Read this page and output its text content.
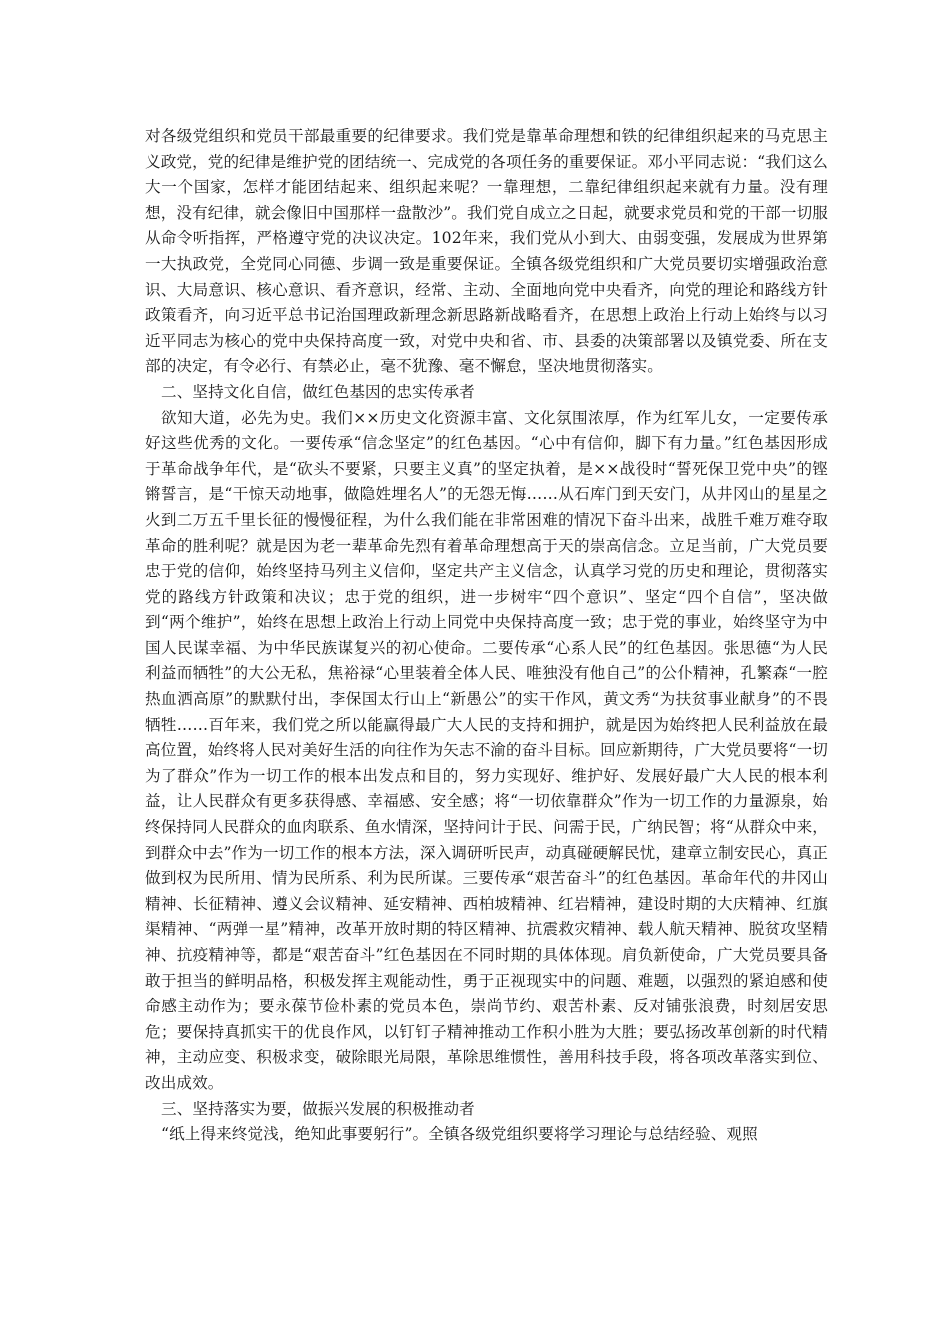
对各级党组织和党员干部最重要的纪律要求。我们党是靠革命理想和铁的纪律组织起来的马克思主义政党，党的纪律是维护党的团结统一、完成党的各项任务的重要保证。邓小平同志说：“我们这么大一个国家，怎样才能团结起来、组织起来呢？一靠理想，二靠纪律组织起来就有力量。没有理想，没有纪律，就会像旧中国那样一盘散沙”。我们党自成立之日起，就要求党员和党的干部一切服从命令听指挥，严格遵守党的决议决定。102年来，我们党从小到大、由弱变强，发展成为世界第一大执政党，全党同心同德、步调一致是重要保证。全镇各级党组织和广大党员要切实增强政治意识、大局意识、核心意识、看齐意识，经常、主动、全面地向党中央看齐，向党的理论和路线方针政策看齐，向习近平总书记治国理政新理念新思路新战略看齐，在思想上政治上行动上始终与以习近平同志为核心的党中央保持高度一致，对党中央和省、市、县委的决策部署以及镇党委、所在支部的决定，有令必行、有禁必止，毫不犹豫、毫不懈怠，坚决地贯彻落实。

二、坚持文化自信，做红色基因的忠实传承者

欲知大道，必先为史。我们××历史文化资源丰富、文化氛围浓厚，作为红军儿女，一定要传承好这些优秀的文化。一要传承“信念坚定”的红色基因。“心中有信仰，脚下有力量。”红色基因形成于革命战争年代，是“砍头不要紧，只要主义真”的坚定执着，是××战役时“誓死保卫党中央”的铿锵誓言，是“干惊天动地事，做隐姓埋名人”的无怨无悔……从石库门到天安门，从井冈山的星星之火到二万五千里长征的慢慢征程，为什么我们能在非常困难的情况下奋斗出来，战胜千难万难夺取革命的胜利呢？就是因为老一辈革命先烈有着革命理想高于天的崇高信念。立足当前，广大党员要忠于党的信仰，始终坚持马列主义信仰，坚定共产主义信念，认真学习党的历史和理论，贯彻落实党的路线方针政策和决议；忠于党的组织，进一步树牢“四个意识”、坚定“四个自信”，坚决做到“两个维护”，始终在思想上政治上行动上同党中央保持高度一致；忠于党的事业，始终坚守为中国人民谋幸福、为中华民族谋复兴的初心使命。二要传承“心系人民”的红色基因。张思德“为人民利益而牺牲”的大公无私，焦裕禄“心里装着全体人民、唯独没有他自己”的公仆精神，孔繁森“一腔热血洒高原”的默默付出，李保国太行山上“新愚公”的实干作风，黄文秀“为扶贫事业献身”的不畏牺牲……百年来，我们党之所以能赢得最广大人民的支持和拥护，就是因为始终把人民利益放在最高位置，始终将人民对美好生活的向往作为矢志不渝的奋斗目标。回应新期待，广大党员要将“一切为了群众”作为一切工作的根本出发点和目的，努力实现好、维护好、发展好最广大人民的根本利益，让人民群众有更多获得感、幸福感、安全感；将“一切依靠群众”作为一切工作的力量源泉，始终保持同人民群众的血肉联系、鱼水情深，坚持问计于民、问需于民，广纳民智；将“从群众中来，到群众中去”作为一切工作的根本方法，深入调研听民声，动真碰硬解民忧，建章立制安民心，真正做到权为民所用、情为民所系、利为民所谋。三要传承“艰苦奋斗”的红色基因。革命年代的井冈山精神、长征精神、遵义会议精神、延安精神、西柏坡精神、红岩精神，建设时期的大庆精神、红旗渠精神、“两弹一星”精神，改革开放时期的特区精神、抗震救灾精神、载人航天精神、脱贫攻坚精神、抗疫精神等，都是“艰苦奋斗”红色基因在不同时期的具体体现。肩负新使命，广大党员要具备敢于担当的鲜明品格，积极发挥主观能动性，勇于正视现实中的问题、难题，以强烈的紧迫感和使命感主动作为；要永葆节俭朴素的党员本色，崇尚节约、艰苦朴素、反对铺张浪费，时刻居安思危；要保持真抓实干的优良作风，以钉钉子精神推动工作积小胜为大胜；要弘扬改革创新的时代精神，主动应变、积极求变，破除眼光局限，革除思维惯性，善用科技手段，将各项改革落实到位、改出成效。

三、坚持落实为要，做振兴发展的积极推动者

“纸上得来终觉浅，绝知此事要躬行”。全镇各级党组织要将学习理论与总结经验、观照
